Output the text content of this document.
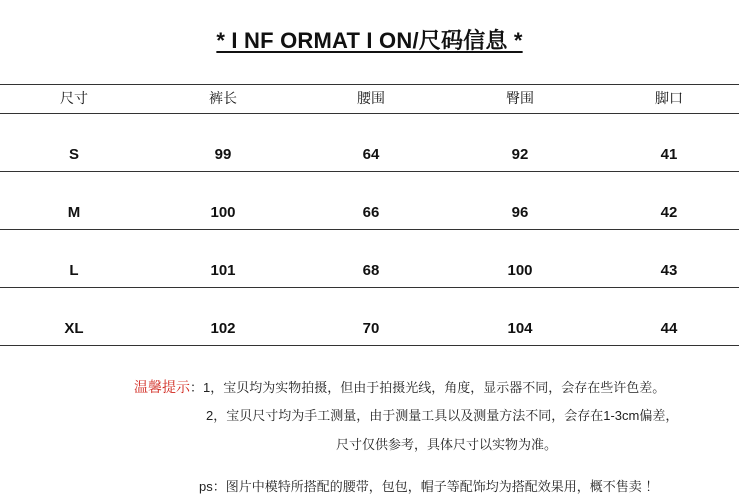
* I NF ORMAT I ON/尺码信息 *
尺寸	裤长	腰围	臀围	脚口
S	99	64	92	41
M	100	66	96	42
L	101	68	100	43
XL	102	70	104	44
温馨提示：1，宝贝均为实物拍摄，但由于拍摄光线，角度，显示器不同，会存在些许色差。
2，宝贝尺寸均为手工测量，由于测量工具以及测量方法不同，会存在1-3cm偏差，
尺寸仅供参考，具体尺寸以实物为准。
ps：图片中模特所搭配的腰带，包包，帽子等配饰均为搭配效果用，概不售卖 ！
